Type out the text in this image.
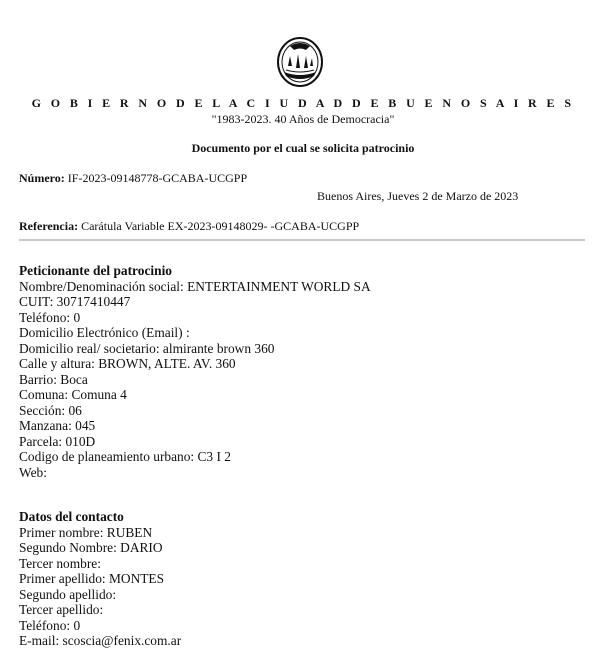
G O B I E R N O D E L A C I U D A D D E B U E N O S A I R E S
"1983-2023. 40 Años de Democracia"
Documento por el cual se solicita patrocinio
Número: IF-2023-09148778-GCABA-UCGPP
Buenos Aires, Jueves 2 de Marzo de 2023
Referencia: Carátula Variable EX-2023-09148029- -GCABA-UCGPP
Peticionante del patrocinio
Nombre/Denominación social: ENTERTAINMENT WORLD SA
CUIT: 30717410447
Teléfono: 0
Domicilio Electrónico (Email) :
Domicilio real/ societario: almirante brown 360
Calle y altura: BROWN, ALTE. AV. 360
Barrio: Boca
Comuna: Comuna 4
Sección: 06
Manzana: 045
Parcela: 010D
Codigo de planeamiento urbano: C3 I 2
Web:
Datos del contacto
Primer nombre: RUBEN
Segundo Nombre: DARIO
Tercer nombre:
Primer apellido: MONTES
Segundo apellido:
Tercer apellido:
Teléfono: 0
E-mail: scoscia@fenix.com.ar
